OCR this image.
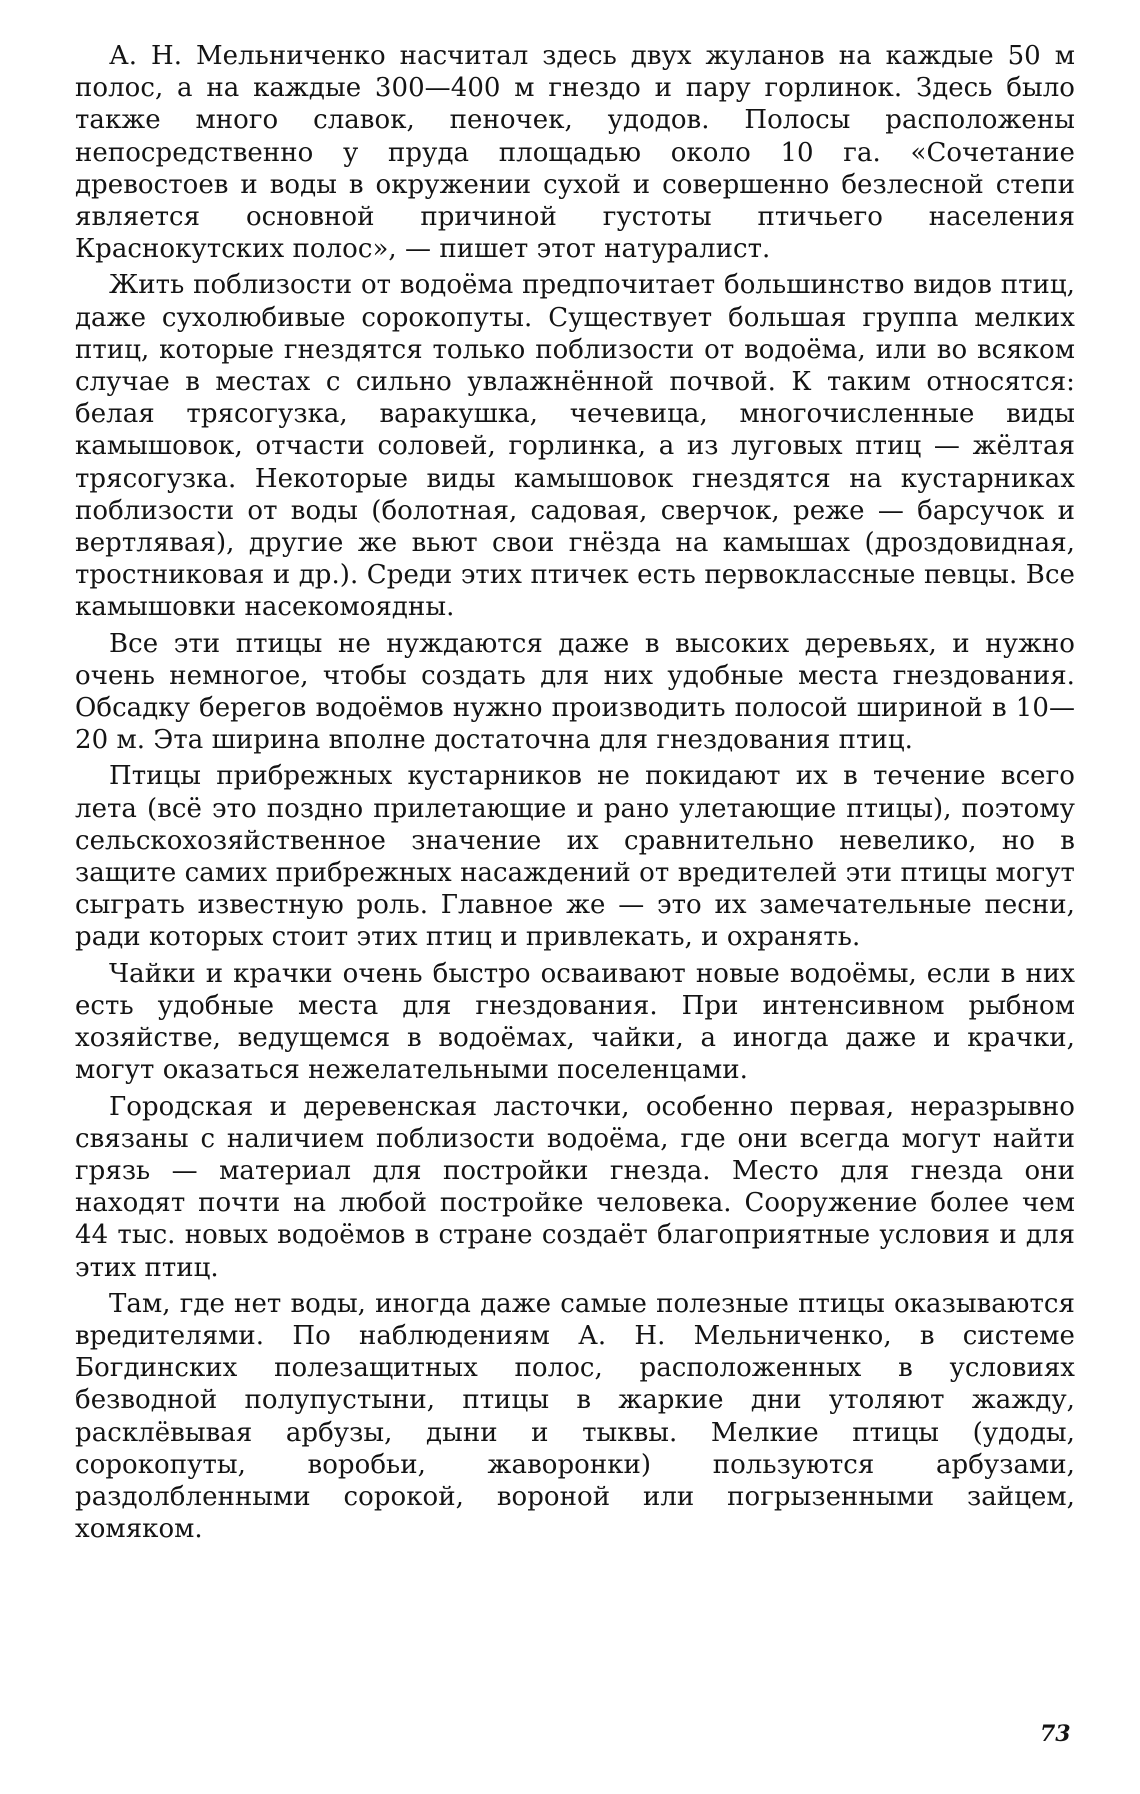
А. Н. Мельниченко насчитал здесь двух жуланов на каждые 50 м полос, а на каждые 300—400 м гнездо и пару горлинок. Здесь было также много славок, пеночек, удодов. Полосы расположены непосредственно у пруда площадью около 10 га. «Сочетание древостоев и воды в окружении сухой и совершенно безлесной степи является основной причиной густоты птичьего населения Краснокутских полос», — пишет этот натуралист.

Жить поблизости от водоёма предпочитает большинство видов птиц, даже сухолюбивые сорокопуты. Существует большая группа мелких птиц, которые гнездятся только поблизости от водоёма, или во всяком случае в местах с сильно увлажнённой почвой. К таким относятся: белая трясогузка, варакушка, чечевица, многочисленные виды камышовок, отчасти соловей, горлинка, а из луговых птиц — жёлтая трясогузка. Некоторые виды камышовок гнездятся на кустарниках поблизости от воды (болотная, садовая, сверчок, реже — барсучок и вертлявая), другие же вьют свои гнёзда на камышах (дроздовидная, тростниковая и др.). Среди этих птичек есть первоклассные певцы. Все камышовки насекомоядны.

Все эти птицы не нуждаются даже в высоких деревьях, и нужно очень немногое, чтобы создать для них удобные места гнездования. Обсадку берегов водоёмов нужно производить полосой шириной в 10—20 м. Эта ширина вполне достаточна для гнездования птиц.

Птицы прибрежных кустарников не покидают их в течение всего лета (всё это поздно прилетающие и рано улетающие птицы), поэтому сельскохозяйственное значение их сравнительно невелико, но в защите самих прибрежных насаждений от вредителей эти птицы могут сыграть известную роль. Главное же — это их замечательные песни, ради которых стоит этих птиц и привлекать, и охранять.

Чайки и крачки очень быстро осваивают новые водоёмы, если в них есть удобные места для гнездования. При интенсивном рыбном хозяйстве, ведущемся в водоёмах, чайки, а иногда даже и крачки, могут оказаться нежелательными поселенцами.

Городская и деревенская ласточки, особенно первая, неразрывно связаны с наличием поблизости водоёма, где они всегда могут найти грязь — материал для постройки гнезда. Место для гнезда они находят почти на любой постройке человека. Сооружение более чем 44 тыс. новых водоёмов в стране создаёт благоприятные условия и для этих птиц.

Там, где нет воды, иногда даже самые полезные птицы оказываются вредителями. По наблюдениям А. Н. Мельниченко, в системе Богдинских полезащитных полос, расположенных в условиях безводной полупустыни, птицы в жаркие дни утоляют жажду, расклёвывая арбузы, дыни и тыквы. Мелкие птицы (удоды, сорокопуты, воробьи, жаворонки) пользуются арбузами, раздолбленными сорокой, вороной или погрызенными зайцем, хомяком.

73
